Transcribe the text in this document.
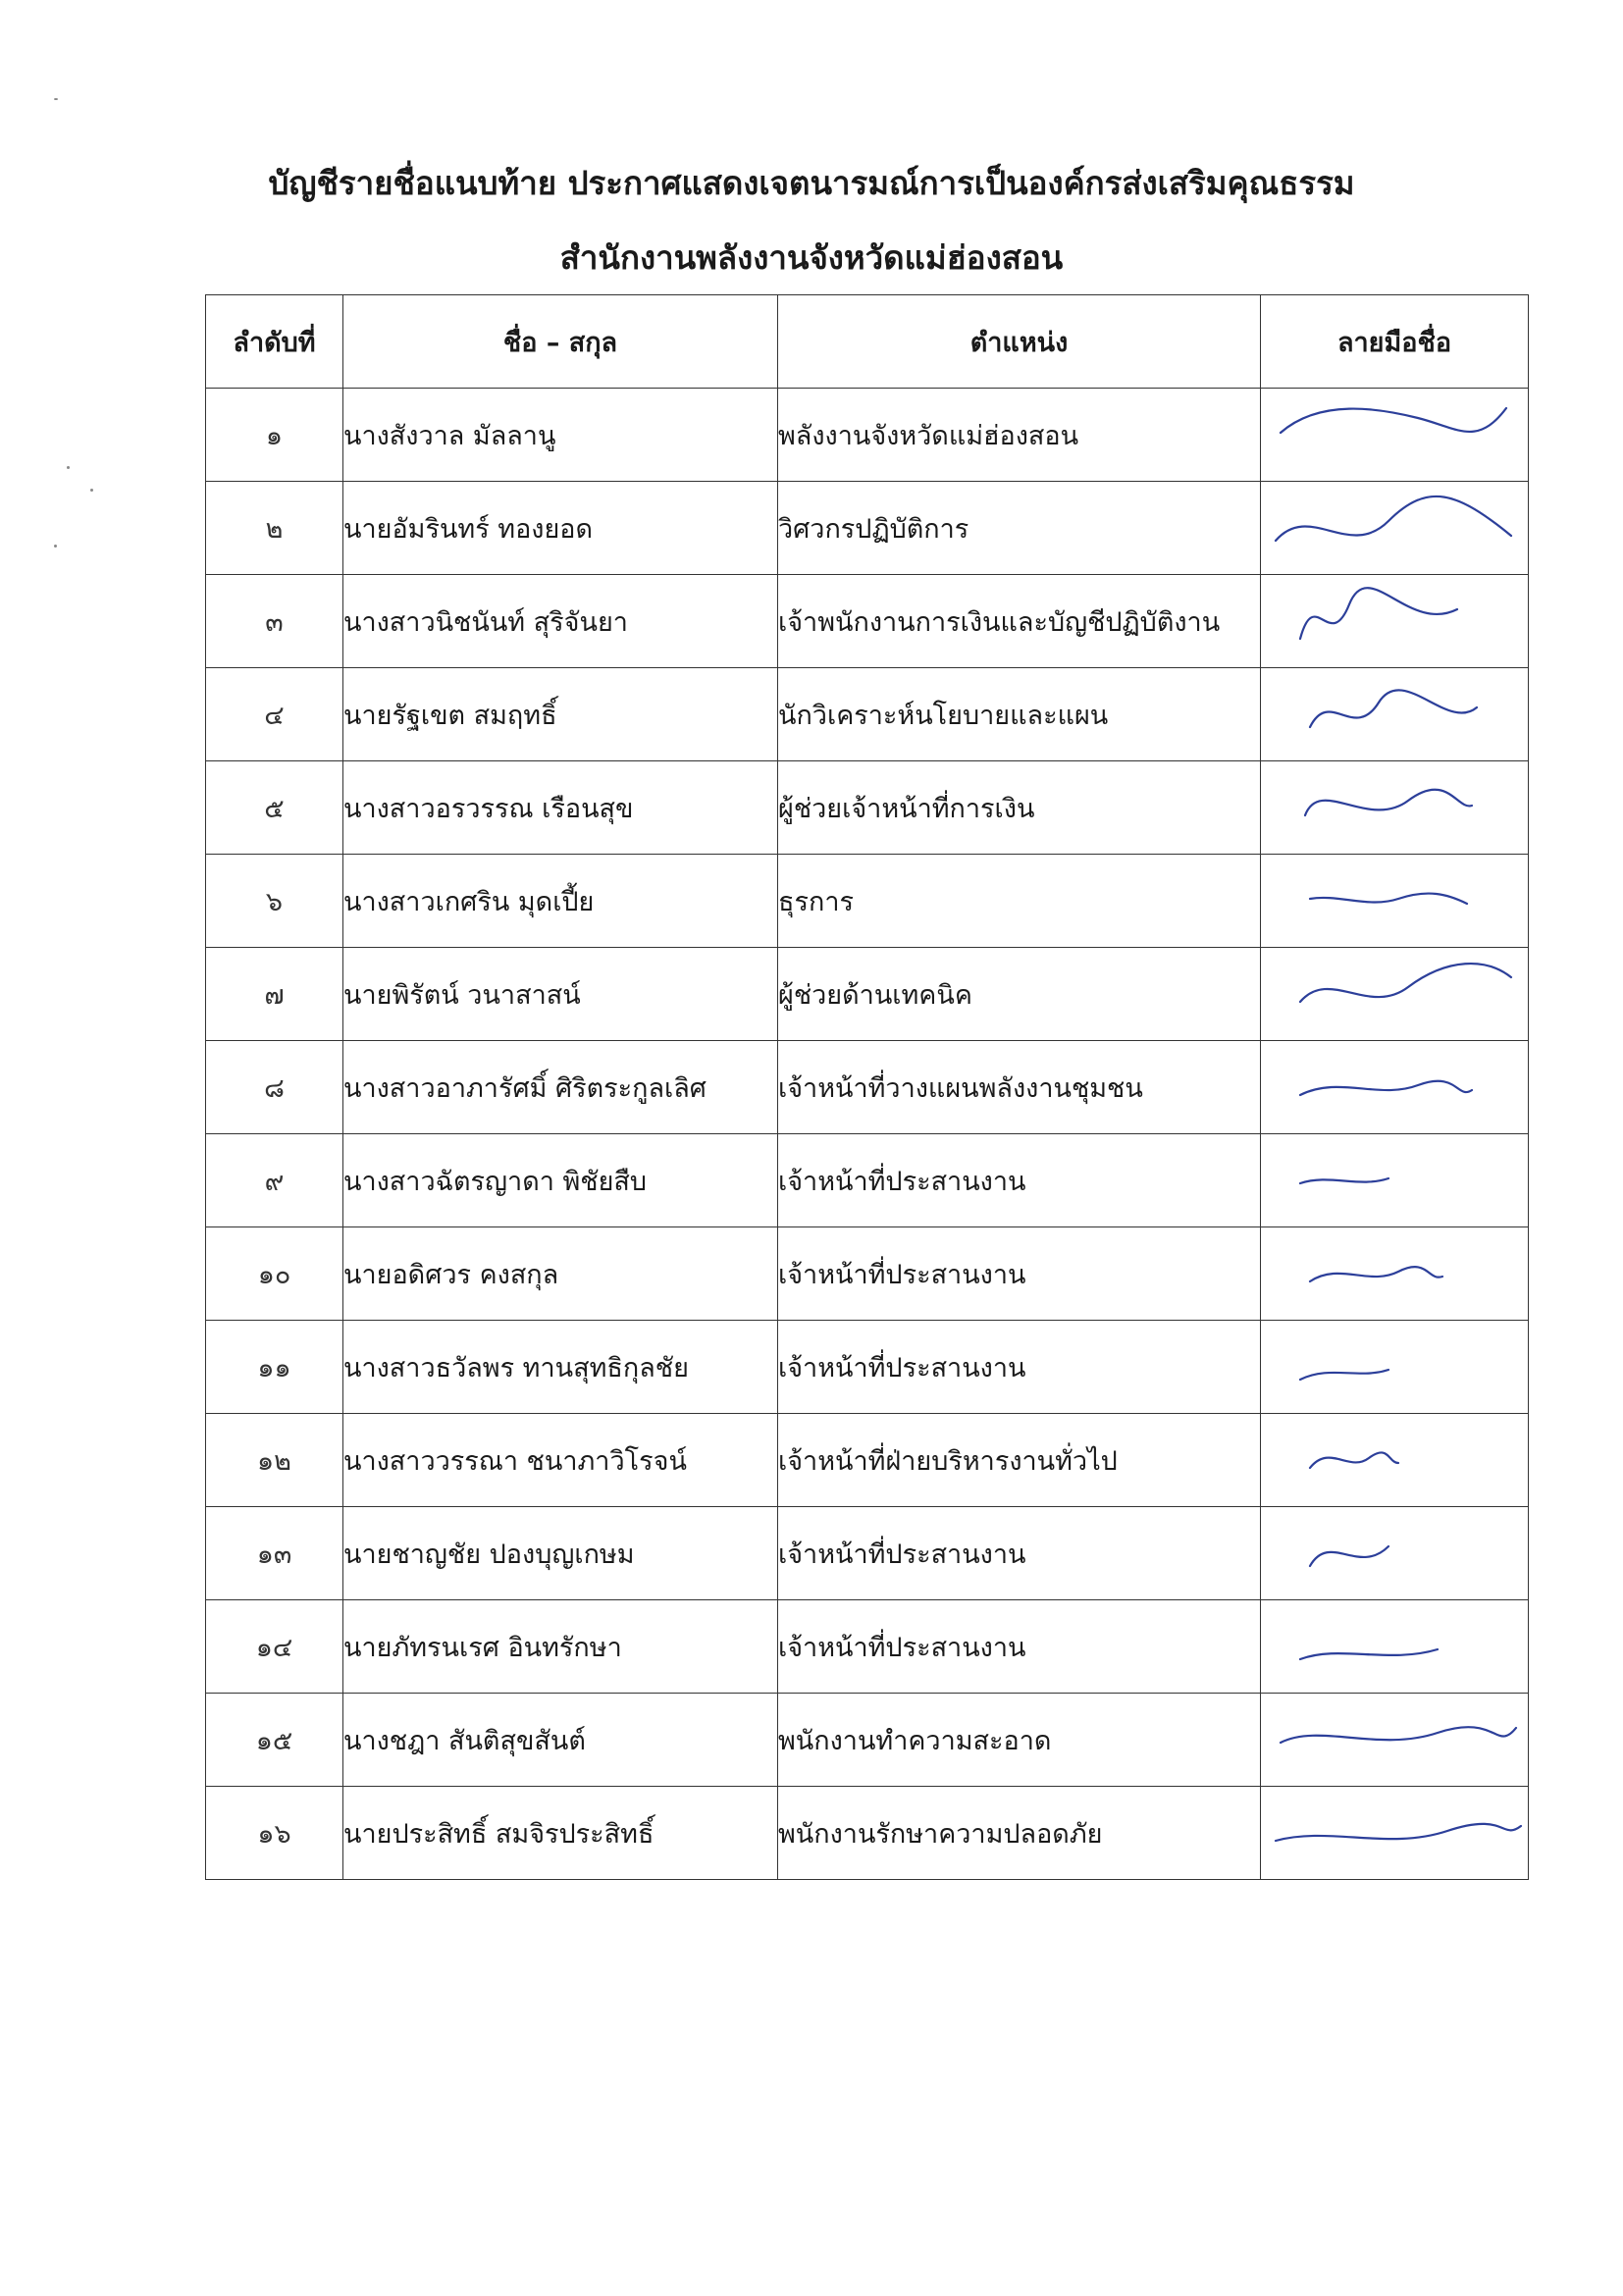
บัญชีรายชื่อแนบท้าย ประกาศแสดงเจตนารมณ์การเป็นองค์กรส่งเสริมคุณธรรม
สำนักงานพลังงานจังหวัดแม่ฮ่องสอน
ลำดับที่	ชื่อ – สกุล	ตำแหน่ง	ลายมือชื่อ
๑	นางสังวาล มัลลานู	พลังงานจังหวัดแม่ฮ่องสอน	

๒	นายอัมรินทร์ ทองยอด	วิศวกรปฏิบัติการ	

๓	นางสาวนิชนันท์ สุริจันยา	เจ้าพนักงานการเงินและบัญชีปฏิบัติงาน	

๔	นายรัฐเขต สมฤทธิ์	นักวิเคราะห์นโยบายและแผน	

๕	นางสาวอรวรรณ เรือนสุข	ผู้ช่วยเจ้าหน้าที่การเงิน	

๖	นางสาวเกศริน มุดเปี้ย	ธุรการ	

๗	นายพิรัตน์ วนาสาสน์	ผู้ช่วยด้านเทคนิค	

๘	นางสาวอาภารัศมิ์ ศิริตระกูลเลิศ	เจ้าหน้าที่วางแผนพลังงานชุมชน	

๙	นางสาวฉัตรญาดา พิชัยสืบ	เจ้าหน้าที่ประสานงาน	

๑๐	นายอดิศวร คงสกุล	เจ้าหน้าที่ประสานงาน	

๑๑	นางสาวธวัลพร ทานสุทธิกุลชัย	เจ้าหน้าที่ประสานงาน	

๑๒	นางสาววรรณา ชนาภาวิโรจน์	เจ้าหน้าที่ฝ่ายบริหารงานทั่วไป	

๑๓	นายชาญชัย ปองบุญเกษม	เจ้าหน้าที่ประสานงาน	

๑๔	นายภัทรนเรศ อินทรักษา	เจ้าหน้าที่ประสานงาน	

๑๕	นางชฎา สันติสุขสันต์	พนักงานทำความสะอาด	

๑๖	นายประสิทธิ์ สมจิรประสิทธิ์	พนักงานรักษาความปลอดภัย	
